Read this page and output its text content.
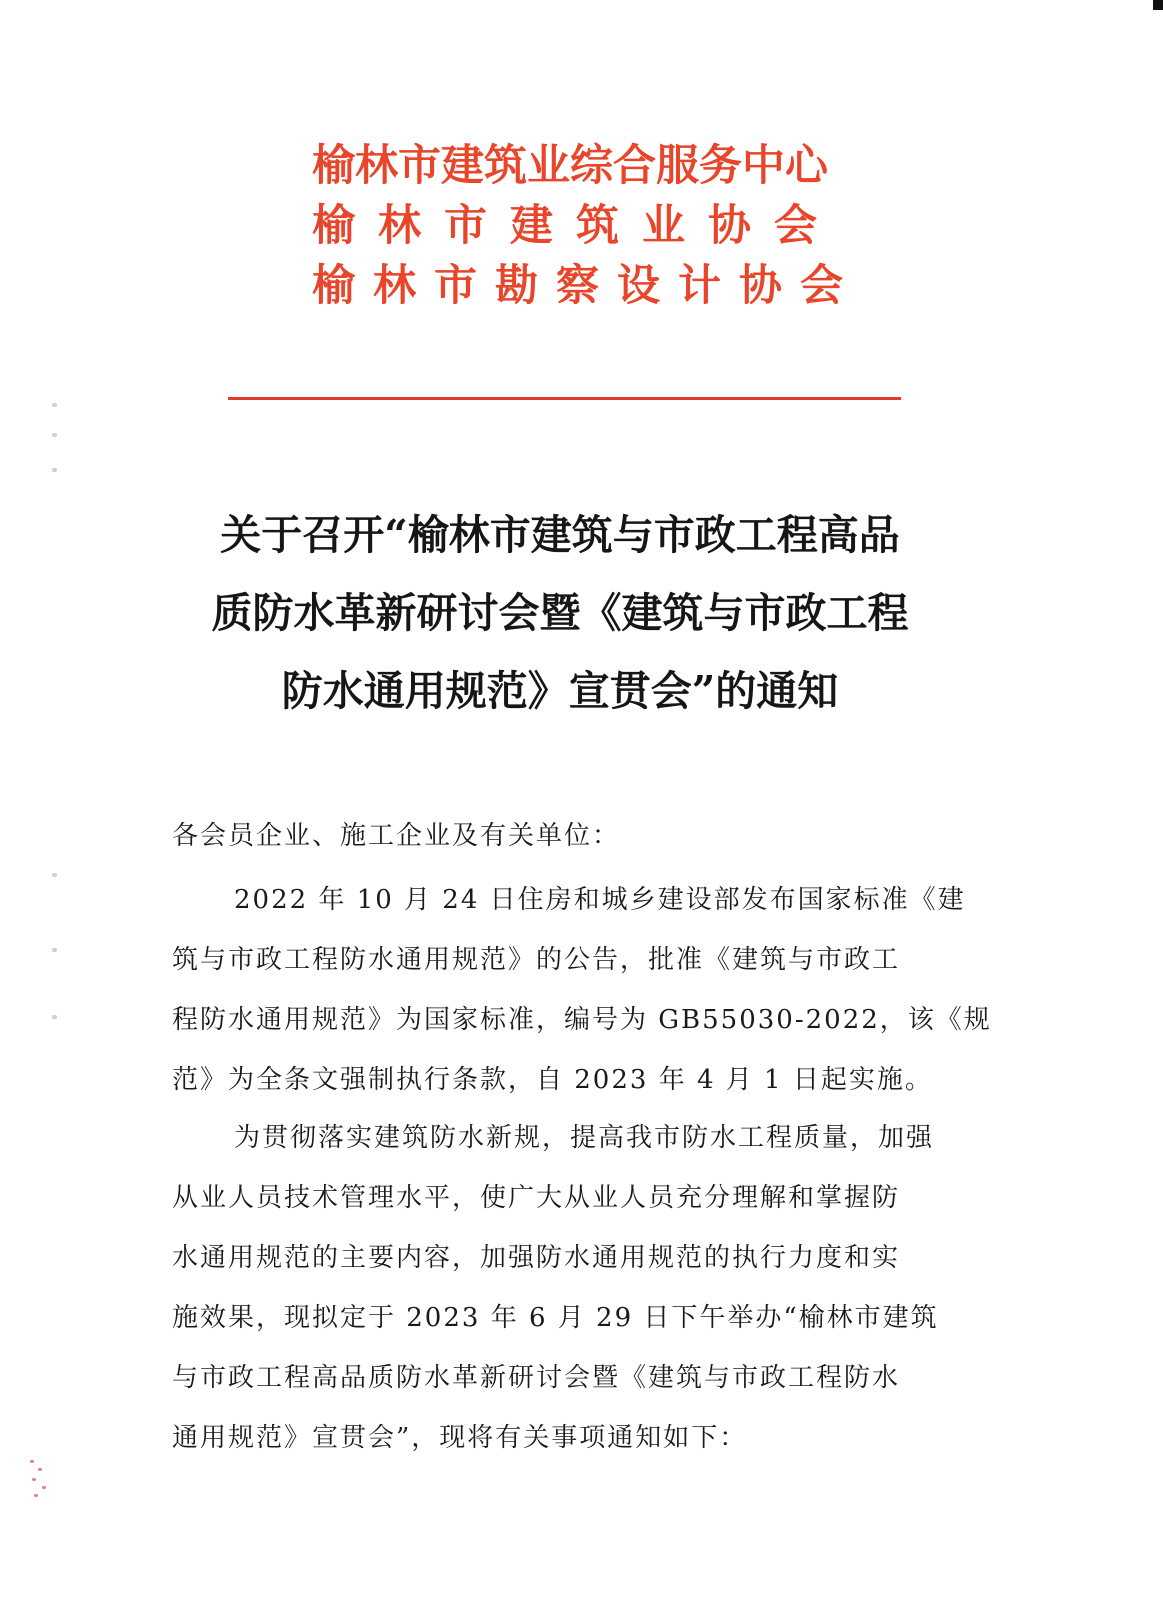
榆林市建筑业综合服务中心
榆林市建筑业协会
榆林市勘察设计协会
关于召开“榆林市建筑与市政工程高品
质防水革新研讨会暨《建筑与市政工程
防水通用规范》宣贯会”的通知
各会员企业、施工企业及有关单位：
2022 年 10 月 24 日住房和城乡建设部发布国家标准《建
筑与市政工程防水通用规范》的公告，批准《建筑与市政工
程防水通用规范》为国家标准，编号为 GB55030-2022，该《规
范》为全条文强制执行条款，自 2023 年 4 月 1 日起实施。
为贯彻落实建筑防水新规，提高我市防水工程质量，加强
从业人员技术管理水平，使广大从业人员充分理解和掌握防
水通用规范的主要内容，加强防水通用规范的执行力度和实
施效果，现拟定于 2023 年 6 月 29 日下午举办“榆林市建筑
与市政工程高品质防水革新研讨会暨《建筑与市政工程防水
通用规范》宣贯会”，现将有关事项通知如下：
